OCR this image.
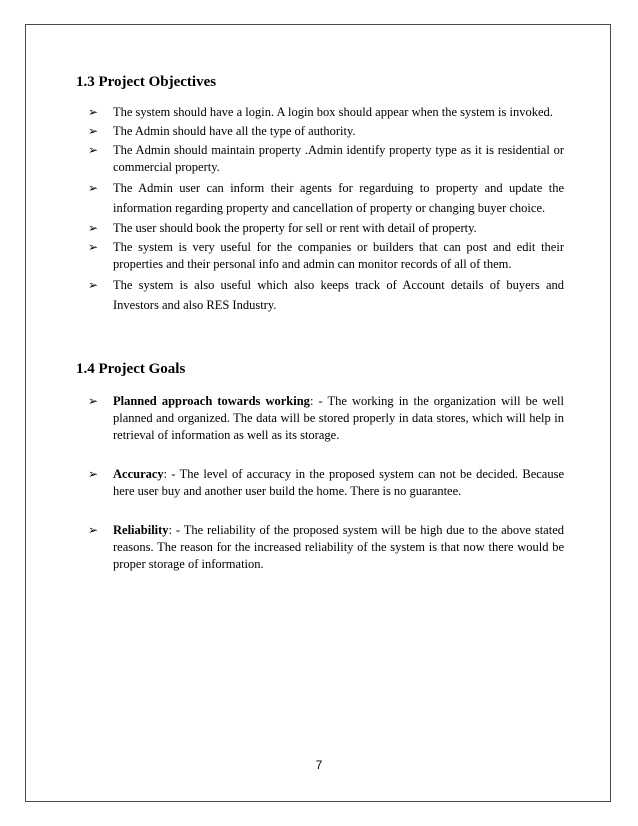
1.3 Project Objectives
➢ The system should have a login. A login box should appear when the system is invoked.
➢ The Admin should have all the type of authority.
➢ The Admin should maintain property .Admin identify property type as it is residential or commercial property.
➢ The Admin user can inform their agents for regarduing to property and update the information regarding property and cancellation of property or changing buyer choice.
➢ The user should book the property for sell or rent with detail of property.
➢ The system is very useful for the companies or builders that can post and edit their properties and their personal info and admin can monitor records of all of them.
➢ The system is also useful which also keeps track of Account details of buyers and Investors and also RES Industry.
1.4 Project Goals
➢ Planned approach towards working: - The working in the organization will be well planned and organized. The data will be stored properly in data stores, which will help in retrieval of information as well as its storage.
➢ Accuracy: - The level of accuracy in the proposed system can not be decided. Because here user buy and another user build the home. There is no guarantee.
➢ Reliability: - The reliability of the proposed system will be high due to the above stated reasons. The reason for the increased reliability of the system is that now there would be proper storage of information.
7
